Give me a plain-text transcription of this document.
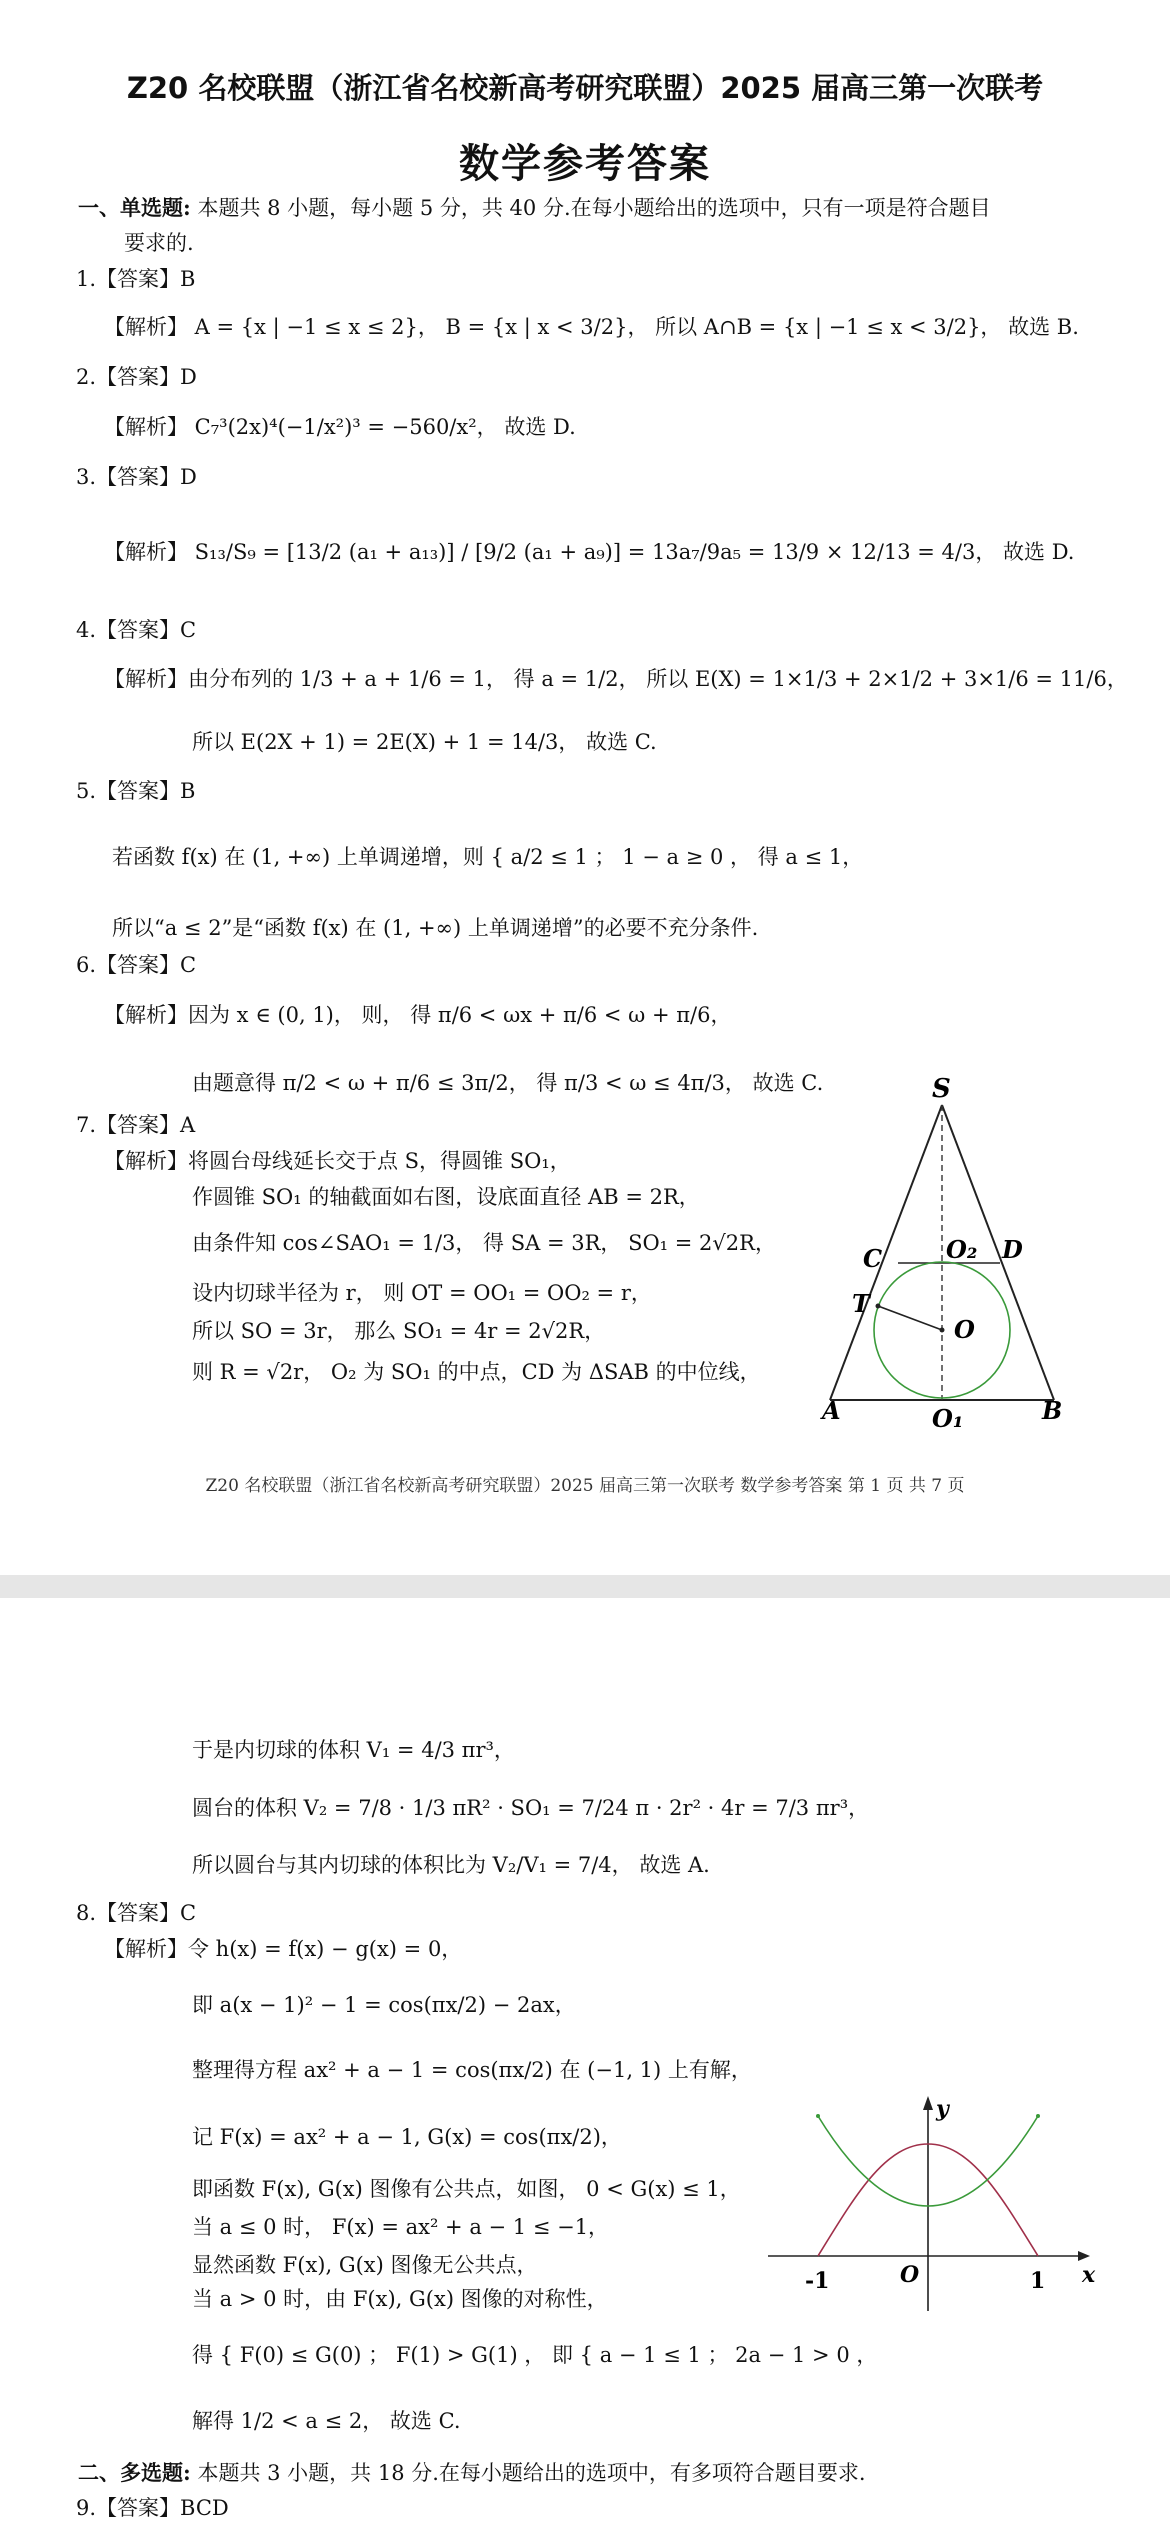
Z20 名校联盟（浙江省名校新高考研究联盟）2025 届高三第一次联考
数学参考答案
一、单选题: 本题共 8 小题，每小题 5 分，共 40 分.在每小题给出的选项中，只有一项是符合题目
要求的.
1.【答案】B
【解析】 A = {x | −1 ≤ x ≤ 2}， B = {x | x < 3/2}， 所以 A∩B = {x | −1 ≤ x < 3/2}， 故选 B.
2.【答案】D
【解析】 C₇³(2x)⁴(−1/x²)³ = −560/x²， 故选 D.
3.【答案】D
【解析】 S₁₃/S₉ = [13/2 (a₁ + a₁₃)] / [9/2 (a₁ + a₉)] = 13a₇/9a₅ = 13/9 × 12/13 = 4/3， 故选 D.
4.【答案】C
【解析】由分布列的 1/3 + a + 1/6 = 1， 得 a = 1/2， 所以 E(X) = 1×1/3 + 2×1/2 + 3×1/6 = 11/6，
所以 E(2X + 1) = 2E(X) + 1 = 14/3， 故选 C.
5.【答案】B
若函数 f(x) 在 (1, +∞) 上单调递增，则 { a/2 ≤ 1 ； 1 − a ≥ 0 ， 得 a ≤ 1，
所以“a ≤ 2”是“函数 f(x) 在 (1, +∞) 上单调递增”的必要不充分条件.
6.【答案】C
【解析】因为 x ∈ (0, 1)， 则， 得 π/6 < ωx + π/6 < ω + π/6，
由题意得 π/2 < ω + π/6 ≤ 3π/2， 得 π/3 < ω ≤ 4π/3， 故选 C.
7.【答案】A
【解析】将圆台母线延长交于点 S，得圆锥 SO₁，
作圆锥 SO₁ 的轴截面如右图，设底面直径 AB = 2R，
由条件知 cos∠SAO₁ = 1/3， 得 SA = 3R， SO₁ = 2√2R，
设内切球半径为 r， 则 OT = OO₁ = OO₂ = r，
所以 SO = 3r， 那么 SO₁ = 4r = 2√2R，
则 R = √2r， O₂ 为 SO₁ 的中点，CD 为 ΔSAB 的中位线，
S
C	O₂ D
T
O
A	O₁	B
Z20 名校联盟（浙江省名校新高考研究联盟）2025 届高三第一次联考 数学参考答案 第 1 页 共 7 页
于是内切球的体积 V₁ = 4/3 πr³，
圆台的体积 V₂ = 7/8 · 1/3 πR² · SO₁ = 7/24 π · 2r² · 4r = 7/3 πr³，
所以圆台与其内切球的体积比为 V₂/V₁ = 7/4， 故选 A.
8.【答案】C
【解析】令 h(x) = f(x) − g(x) = 0，
即 a(x − 1)² − 1 = cos(πx/2) − 2ax，
整理得方程 ax² + a − 1 = cos(πx/2) 在 (−1, 1) 上有解，
记 F(x) = ax² + a − 1, G(x) = cos(πx/2)，
即函数 F(x), G(x) 图像有公共点，如图， 0 < G(x) ≤ 1，
当 a ≤ 0 时， F(x) = ax² + a − 1 ≤ −1，
显然函数 F(x), G(x) 图像无公共点，
当 a > 0 时，由 F(x), G(x) 图像的对称性，
得 { F(0) ≤ G(0) ； F(1) > G(1) ， 即 { a − 1 ≤ 1 ； 2a − 1 > 0 ，
解得 1/2 < a ≤ 2， 故选 C.
y
x
-1	O	1
二、多选题: 本题共 3 小题，共 18 分.在每小题给出的选项中，有多项符合题目要求.
9.【答案】BCD
